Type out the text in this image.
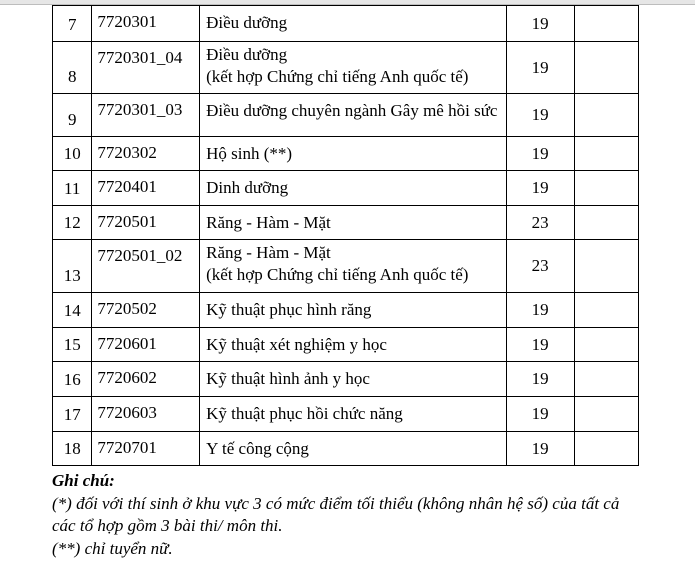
7	7720301	Điều dưỡng	19	
8	7720301_04	Điều dưỡng
(kết hợp Chứng chỉ tiếng Anh quốc tế)	19	
9	7720301_03	Điều dưỡng chuyên ngành Gây mê hồi sức	19	
10	7720302	Hộ sinh (**)	19	
11	7720401	Dinh dưỡng	19	
12	7720501	Răng - Hàm - Mặt	23	
13	7720501_02	Răng - Hàm - Mặt
(kết hợp Chứng chỉ tiếng Anh quốc tế)	23	
14	7720502	Kỹ thuật phục hình răng	19	
15	7720601	Kỹ thuật xét nghiệm y học	19	
16	7720602	Kỹ thuật hình ảnh y học	19	
17	7720603	Kỹ thuật phục hồi chức năng	19	
18	7720701	Y tế công cộng	19	
Ghi chú:
(*) đối với thí sinh ở khu vực 3 có mức điểm tối thiểu (không nhân hệ số) của tất cả
các tổ hợp gồm 3 bài thi/ môn thi.
(**) chỉ tuyển nữ.
